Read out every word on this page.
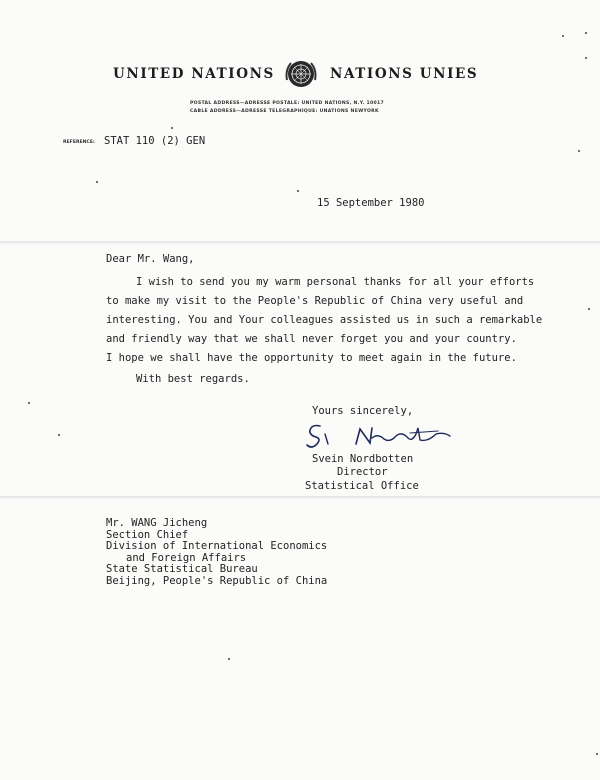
UNITED NATIONS	NATIONS UNIES
POSTAL ADDRESS—ADRESSE POSTALE: UNITED NATIONS, N.Y. 10017
CABLE ADDRESS—ADRESSE TELEGRAPHIQUE: UNATIONS NEWYORK
REFERENCE: STAT 110 (2) GEN
15 September 1980
Dear Mr. Wang,
I wish to send you my warm personal thanks for all your efforts
to make my visit to the People's Republic of China very useful and
interesting. You and Your colleagues assisted us in such a remarkable
and friendly way that we shall never forget you and your country.
I hope we shall have the opportunity to meet again in the future.
With best regards.
Yours sincerely,
Svein Nordbotten
Director
Statistical Office
Mr. WANG Jicheng
Section Chief
Division of International Economics
and Foreign Affairs
State Statistical Bureau
Beijing, People's Republic of China
